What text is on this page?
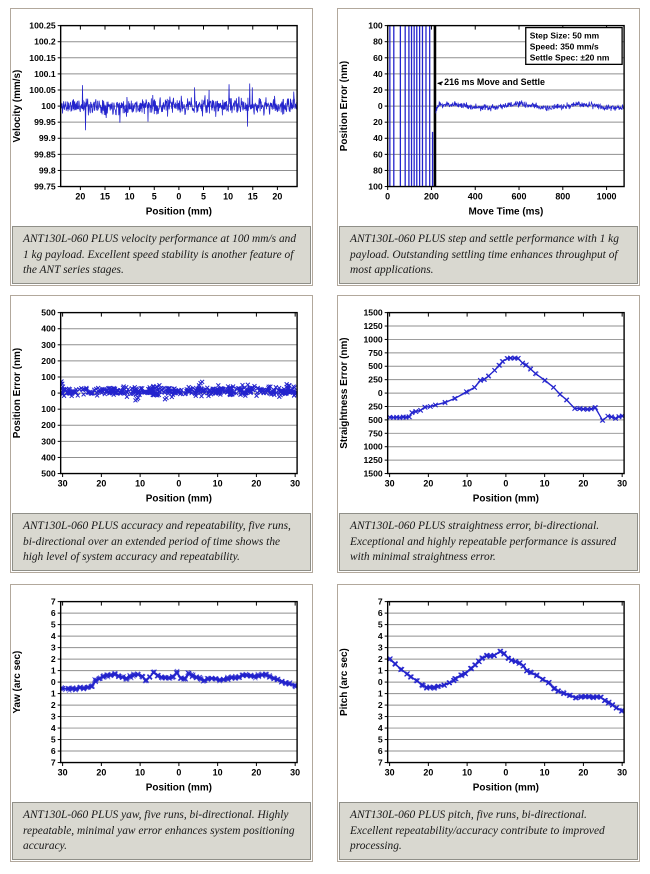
99.75
99.8
99.85
99.9
99.95
100
100.05
100.1
100.15
100.2
100.25
20 15 10 5 0 5 10 15 20
Position (mm)
Velocity (mm/s)
ANT130L-060 PLUS velocity performance at 100 mm/s and 1 kg payload. Excellent speed stability is another feature of the ANT series stages.
100
80
60
40
20
0
20
40
60
80
100
0	200	400	600	800	1000
Move Time (ms)
Position Error (nm)
Step Size: 50 mm
Speed: 350 mm/s
Settle Spec: ±20 nm
216 ms Move and Settle
ANT130L-060 PLUS step and settle performance with 1 kg payload. Outstanding settling time enhances throughput of most applications.
500
400
300
200
100
0
100
200
300
400
500
30	20	10	0	10	20	30
Position (mm)
Position Error (nm)
ANT130L-060 PLUS accuracy and repeatability, five runs, bi-directional over an extended period of time shows the high level of system accuracy and repeatability.
1500
1250
1000
750
500
250
0
250
500
750
1000
1250
1500
30	20	10	0	10	20	30
Position (mm)
Straightness Error (nm)
ANT130L-060 PLUS straightness error, bi-directional. Exceptional and highly repeatable performance is assured with minimal straightness error.
7
6
5
4
3
2
1
0
1
2
3
4
5
6
7
30	20	10	0	10	20	30
Position (mm)
Yaw (arc sec)
ANT130L-060 PLUS yaw, five runs, bi-directional. Highly repeatable, minimal yaw error enhances system positioning accuracy.
7
6
5
4
3
2
1
0
1
2
3
4
5
6
7
30	20	10	0	10	20	30
Position (mm)
Pitch (arc sec)
ANT130L-060 PLUS pitch, five runs, bi-directional. Excellent repeatability/accuracy contribute to improved processing.
